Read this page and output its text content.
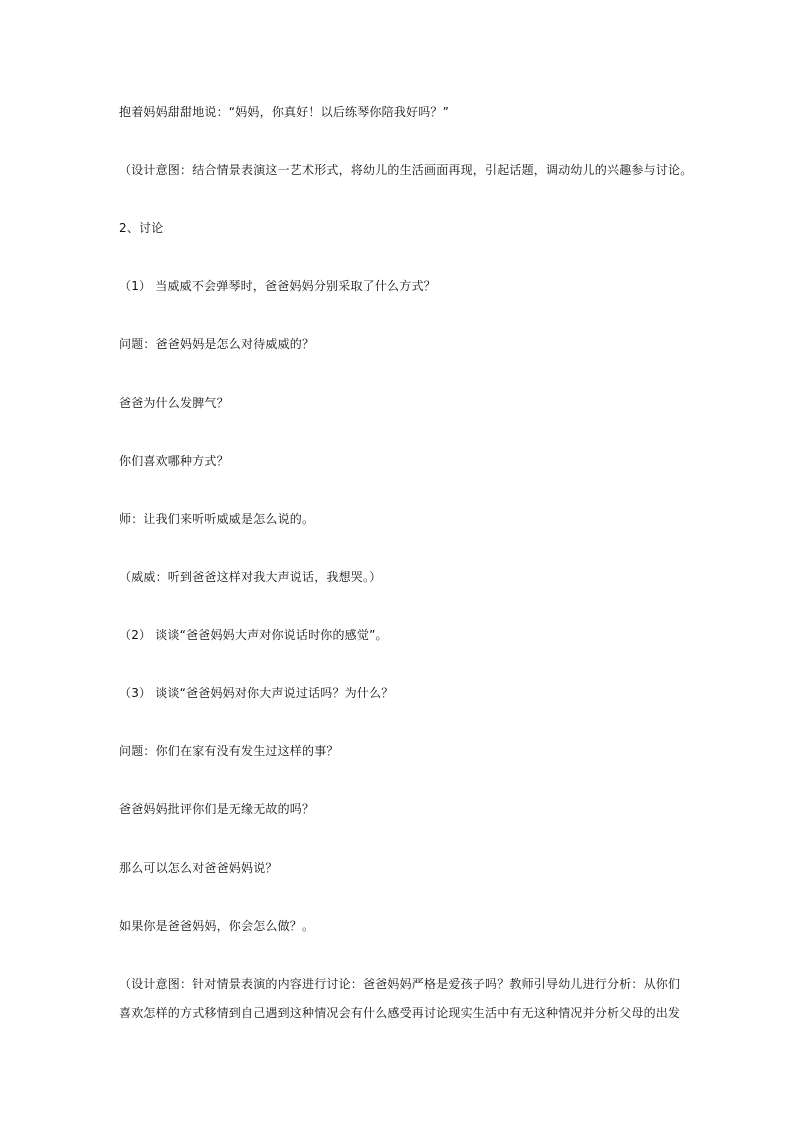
抱着妈妈甜甜地说：“妈妈，你真好！以后练琴你陪我好吗？”
（设计意图：结合情景表演这一艺术形式，将幼儿的生活画面再现，引起话题，调动幼儿的兴趣参与讨论。
2、讨论
（1） 当威威不会弹琴时，爸爸妈妈分别采取了什么方式？
问题：爸爸妈妈是怎么对待威威的？
爸爸为什么发脾气？
你们喜欢哪种方式？
师：让我们来听听威威是怎么说的。
（威威：听到爸爸这样对我大声说话，我想哭。）
（2） 谈谈“爸爸妈妈大声对你说话时你的感觉”。
（3） 谈谈“爸爸妈妈对你大声说过话吗？为什么？
问题：你们在家有没有发生过这样的事？
爸爸妈妈批评你们是无缘无故的吗？
那么可以怎么对爸爸妈妈说？
如果你是爸爸妈妈，你会怎么做？。
（设计意图：针对情景表演的内容进行讨论：爸爸妈妈严格是爱孩子吗？教师引导幼儿进行分析：从你们
喜欢怎样的方式移情到自己遇到这种情况会有什么感受再讨论现实生活中有无这种情况并分析父母的出发
